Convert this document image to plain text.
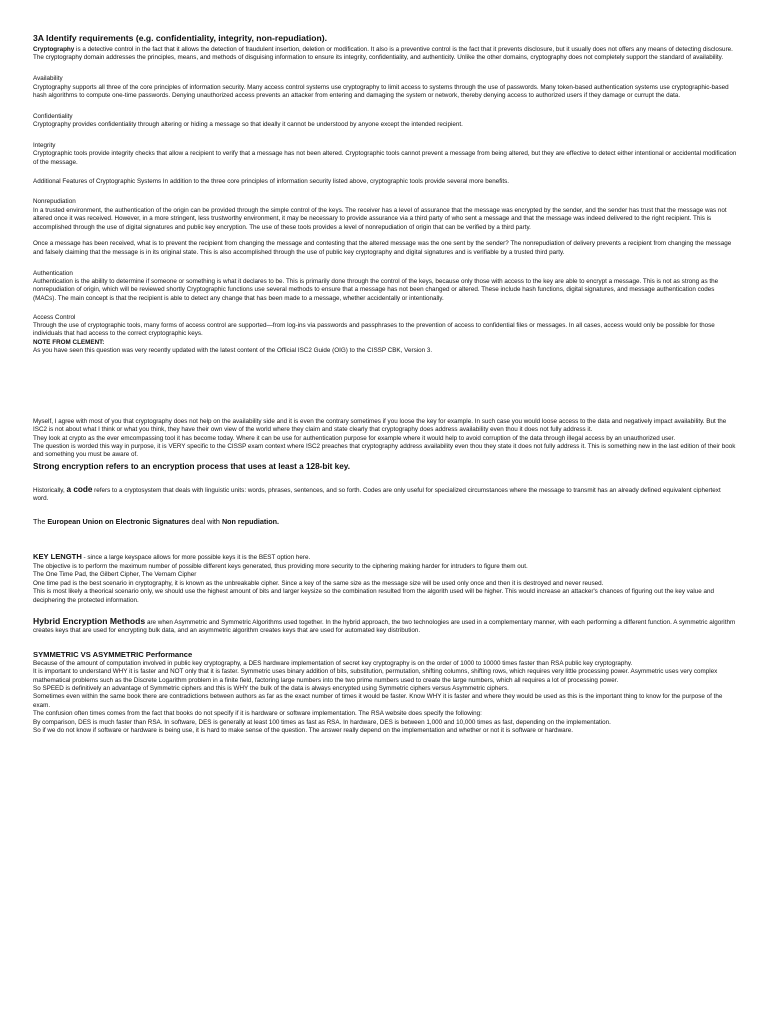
3A Identify requirements (e.g. confidentiality, integrity, non-repudiation).

Cryptography is a detective control in the fact that it allows the detection of fraudulent insertion, deletion or modification. It also is a preventive control is the fact that it prevents disclosure, but it usually does not offers any means of detecting disclosure.

The cryptography domain addresses the principles, means, and methods of disguising information to ensure its integrity, confidentiality, and authenticity. Unlike the other domains, cryptography does not completely support the standard of availability.

Availability

Cryptography supports all three of the core principles of information security. Many access control systems use cryptography to limit access to systems through the use of passwords. Many token-based authentication systems use cryptographic-based hash algorithms to compute one-time passwords. Denying unauthorized access prevents an attacker from entering and damaging the system or network, thereby denying access to authorized users if they damage or currupt the data.

Confidentiality

Cryptography provides confidentiality through altering or hiding a message so that ideally it cannot be understood by anyone except the intended recipient.

Integrity

Cryptographic tools provide integrity checks that allow a recipient to verify that a message has not been altered. Cryptographic tools cannot prevent a message from being altered, but they are effective to detect either intentional or accidental modification of the message.

Additional Features of Cryptographic Systems In addition to the three core principles of information security listed above, cryptographic tools provide several more benefits.

Nonrepudiation

In a trusted environment, the authentication of the origin can be provided through the simple control of the keys. The receiver has a level of assurance that the message was encrypted by the sender, and the sender has trust that the message was not altered once it was received. However, in a more stringent, less trustworthy environment, it may be necessary to provide assurance via a third party of who sent a message and that the message was indeed delivered to the right recipient. This is accomplished through the use of digital signatures and public key encryption. The use of these tools provides a level of nonrepudiation of origin that can be verified by a third party.

Once a message has been received, what is to prevent the recipient from changing the message and contesting that the altered message was the one sent by the sender? The nonrepudiation of delivery prevents a recipient from changing the message and falsely claiming that the message is in its original state. This is also accomplished through the use of public key cryptography and digital signatures and is verifiable by a trusted third party.

Authentication

Authentication is the ability to determine if someone or something is what it declares to be. This is primarily done through the control of the keys, because only those with access to the key are able to encrypt a message. This is not as strong as the nonrepudiation of origin, which will be reviewed shortly Cryptographic functions use several methods to ensure that a message has not been changed or altered. These include hash functions, digital signatures, and message authentication codes (MACs). The main concept is that the recipient is able to detect any change that has been made to a message, whether accidentally or intentionally.

Access Control

Through the use of cryptographic tools, many forms of access control are supported—from log-ins via passwords and passphrases to the prevention of access to confidential files or messages. In all cases, access would only be possible for those individuals that had access to the correct cryptographic keys.

NOTE FROM CLEMENT:

As you have seen this question was very recently updated with the latest content of the Official ISC2 Guide (OIG) to the CISSP CBK, Version 3.

Myself, I agree with most of you that cryptography does not help on the availability side and it is even the contrary sometimes if you loose the key for example. In such case you would loose access to the data and negatively impact availability. But the ISC2 is not about what I think or what you think, they have their own view of the world where they claim and state clearly that cryptography does address availability even thou it does not fully address it.

They look at crypto as the ever emcompassing tool it has become today. Where it can be use for authentication purpose for example where it would help to avoid corruption of the data through illegal access by an unauthorized user.

The question is worded this way in purpose, it is VERY specific to the CISSP exam context where ISC2 preaches that cryptography address availability even thou they state it does not fully address it. This is something new in the last edition of their book and something you must be aware of.

Strong encryption refers to an encryption process that uses at least a 128-bit key.

Historically, a code refers to a cryptosystem that deals with linguistic units: words, phrases, sentences, and so forth. Codes are only useful for specialized circumstances where the message to transmit has an already defined equivalent ciphertext word.

The European Union on Electronic Signatures deal with Non repudiation.

KEY LENGTH - since a large keyspace allows for more possible keys it is the BEST option here.

The objective is to perform the maximum number of possible different keys generated, thus providing more security to the ciphering making harder for intruders to figure them out.

The One Time Pad, the Gilbert Cipher, The Vernam Cipher

One time pad is the best scenario in cryptography, it is known as the unbreakable cipher. Since a key of the same size as the message size will be used only once and then it is destroyed and never reused.

This is most likely a theorical scenario only, we should use the highest amount of bits and larger keysize so the combination resulted from the algorith used will be higher. This would increase an attacker's chances of figuring out the key value and deciphering the protected information.

Hybrid Encryption Methods are when Asymmetric and Symmetric Algorithms used together. In the hybrid approach, the two technologies are used in a complementary manner, with each performing a different function. A symmetric algorithm creates keys that are used for encrypting bulk data, and an asymmetric algorithm creates keys that are used for automated key distribution.

SYMMETRIC VS ASYMMETRIC Performance

Because of the amount of computation involved in public key cryptography, a DES hardware implementation of secret key cryptography is on the order of 1000 to 10000 times faster than RSA public key cryptography.

It is important to understand WHY it is faster and NOT only that it is faster. Symmetric uses binary addition of bits, substitution, permutation, shifting columns, shifting rows, which requires very little processing power. Asymmetric uses very complex mathematical problems such as the Discrete Logarithm problem in a finite field, factoring large numbers into the two prime numbers used to create the large numbers, which all requires a lot of processing power.

So SPEED is definitively an advantage of Symmetric ciphers and this is WHY the bulk of the data is always encrypted using Symmetric ciphers versus Asymmetric ciphers.

Sometimes even within the same book there are contradictions between authors as far as the exact number of times it would be faster. Know WHY it is faster and where they would be used as this is the important thing to know for the purpose of the exam.

The confusion often times comes from the fact that books do not specify if it is hardware or software implementation. The RSA website does specify the following:

By comparison, DES is much faster than RSA. In software, DES is generally at least 100 times as fast as RSA. In hardware, DES is between 1,000 and 10,000 times as fast, depending on the implementation.

So if we do not know if software or hardware is being use, it is hard to make sense of the question. The answer really depend on the implementation and whether or not it is software or hardware.
